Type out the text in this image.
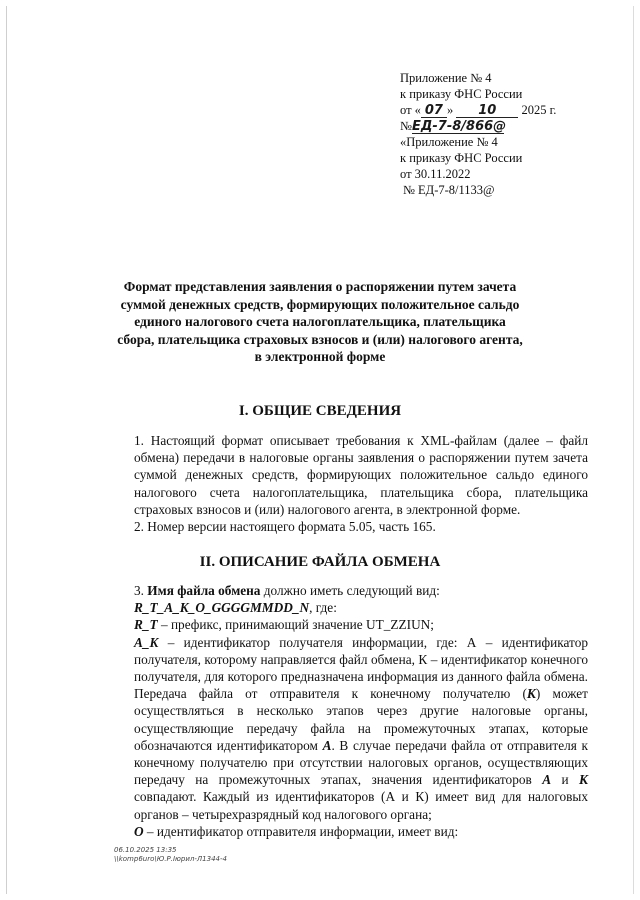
Приложение № 4
к приказу ФНС России
от « 07 » 10 2025 г.
№ЕД-7-8/866@
«Приложение № 4
к приказу ФНС России
от 30.11.2022
№ ЕД-7-8/1133@
Формат представления заявления о распоряжении путем зачета
суммой денежных средств, формирующих положительное сальдо
единого налогового счета налогоплательщика, плательщика
сбора, плательщика страховых взносов и (или) налогового агента,
в электронной форме
I. ОБЩИЕ СВЕДЕНИЯ

1. Настоящий формат описывает требования к XML-файлам (далее – файл обмена) передачи в налоговые органы заявления о распоряжении путем зачета суммой денежных средств, формирующих положительное сальдо единого налогового счета налогоплательщика, плательщика сбора, плательщика страховых взносов и (или) налогового агента, в электронной форме.

2. Номер версии настоящего формата 5.05, часть 165.

II. ОПИСАНИЕ ФАЙЛА ОБМЕНА

3. Имя файла обмена должно иметь следующий вид:

R_T_A_K_O_GGGGMMDD_N, где:

R_T – префикс, принимающий значение UT_ZZIUN;

A_K – идентификатор получателя информации, где: А – идентификатор получателя, которому направляется файл обмена, К – идентификатор конечного получателя, для которого предназначена информация из данного файла обмена. Передача файла от отправителя к конечному получателю (К) может осуществляться в несколько этапов через другие налоговые органы, осуществляющие передачу файла на промежуточных этапах, которые обозначаются идентификатором А. В случае передачи файла от отправителя к конечному получателю при отсутствии налоговых органов, осуществляющих передачу на промежуточных этапах, значения идентификаторов А и К совпадают. Каждый из идентификаторов (А и К) имеет вид для налоговых органов – четырехразрядный код налогового органа;

О – идентификатор отправителя информации, имеет вид:

06.10.2025 13:35
\\komp6uro\Ю.Р.Іюрил-Л1344-4
